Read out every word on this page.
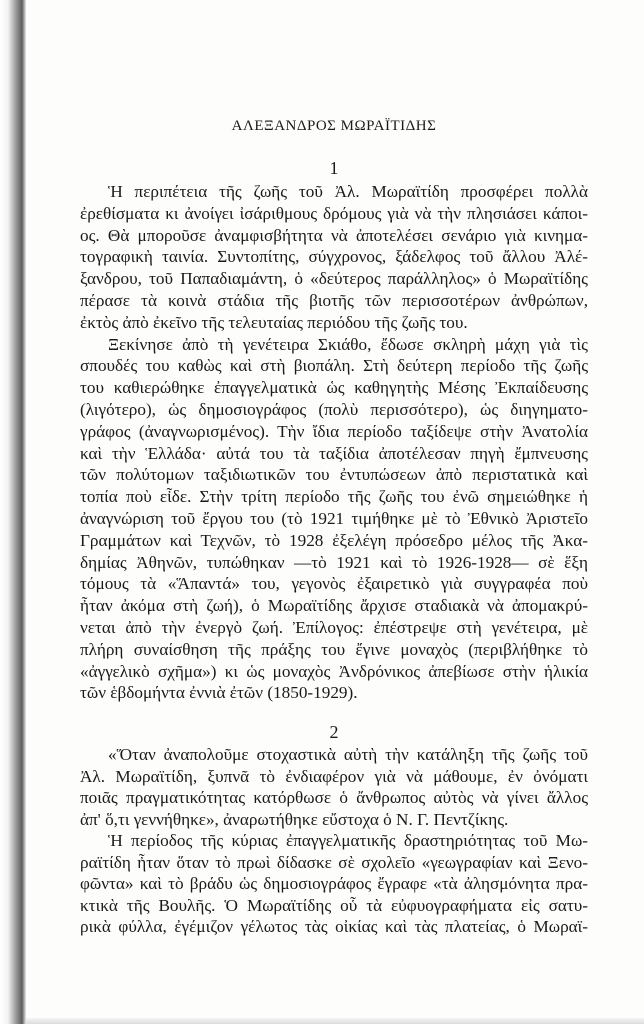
ΑΛΕΞΑΝΔΡΟΣ ΜΩΡΑΪΤΙΔΗΣ
1
Ἡ περιπέτεια τῆς ζωῆς τοῦ Ἀλ. Μωραϊτίδη προσφέρει πολλὰ
ἐρεθίσματα κι ἀνοίγει ἰσάριθμους δρόμους γιὰ νὰ τὴν πλησιάσει κάποι-
ος. Θὰ μποροῦσε ἀναμφισβήτητα νὰ ἀποτελέσει σενάριο γιὰ κινημα-
τογραφικὴ ταινία. Συντοπίτης, σύγχρονος, ξάδελφος τοῦ ἄλλου Ἀλέ-
ξανδρου, τοῦ Παπαδιαμάντη, ὁ «δεύτερος παράλληλος» ὁ Μωραϊτίδης
πέρασε τὰ κοινὰ στάδια τῆς βιοτῆς τῶν περισσοτέρων ἀνθρώπων,
ἐκτὸς ἀπὸ ἐκεῖνο τῆς τελευταίας περιόδου τῆς ζωῆς του.
Ξεκίνησε ἀπὸ τὴ γενέτειρα Σκιάθο, ἔδωσε σκληρὴ μάχη γιὰ τὶς
σπουδές του καθὼς καὶ στὴ βιοπάλη. Στὴ δεύτερη περίοδο τῆς ζωῆς
του καθιερώθηκε ἐπαγγελματικὰ ὡς καθηγητὴς Μέσης Ἐκπαίδευσης
(λιγότερο), ὡς δημοσιογράφος (πολὺ περισσότερο), ὡς διηγηματο-
γράφος (ἀναγνωρισμένος). Τὴν ἴδια περίοδο ταξίδεψε στὴν Ἀνατολία
καὶ τὴν Ἑλλάδα· αὐτά του τὰ ταξίδια ἀποτέλεσαν πηγὴ ἔμπνευσης
τῶν πολύτομων ταξιδιωτικῶν του ἐντυπώσεων ἀπὸ περιστατικὰ καὶ
τοπία ποὺ εἶδε. Στὴν τρίτη περίοδο τῆς ζωῆς του ἐνῶ σημειώθηκε ἡ
ἀναγνώριση τοῦ ἔργου του (τὸ 1921 τιμήθηκε μὲ τὸ Ἐθνικὸ Ἀριστεῖο
Γραμμάτων καὶ Τεχνῶν, τὸ 1928 ἐξελέγη πρόσεδρο μέλος τῆς Ἀκα-
δημίας Ἀθηνῶν, τυπώθηκαν —τὸ 1921 καὶ τὸ 1926-1928— σὲ ἕξη
τόμους τὰ «Ἅπαντά» του, γεγονὸς ἐξαιρετικὸ γιὰ συγγραφέα ποὺ
ἦταν ἀκόμα στὴ ζωή), ὁ Μωραϊτίδης ἄρχισε σταδιακὰ νὰ ἀπομακρύ-
νεται ἀπὸ τὴν ἐνεργὸ ζωή. Ἐπίλογος: ἐπέστρεψε στὴ γενέτειρα, μὲ
πλήρη συναίσθηση τῆς πράξης του ἔγινε μοναχὸς (περιβλήθηκε τὸ
«ἀγγελικὸ σχῆμα») κι ὡς μοναχὸς Ἀνδρόνικος ἀπεβίωσε στὴν ἡλικία
τῶν ἑβδομήντα ἐννιὰ ἐτῶν (1850-1929).
2
«Ὅταν ἀναπολοῦμε στοχαστικὰ αὐτὴ τὴν κατάληξη τῆς ζωῆς τοῦ
Ἀλ. Μωραϊτίδη, ξυπνᾶ τὸ ἐνδιαφέρον γιὰ νὰ μάθουμε, ἐν ὀνόματι
ποιᾶς πραγματικότητας κατόρθωσε ὁ ἄνθρωπος αὐτὸς νὰ γίνει ἄλλος
ἀπ' ὅ,τι γεννήθηκε», ἀναρωτήθηκε εὔστοχα ὁ Ν. Γ. Πεντζίκης.
Ἡ περίοδος τῆς κύριας ἐπαγγελματικῆς δραστηριότητας τοῦ Μω-
ραϊτίδη ἦταν ὅταν τὸ πρωὶ δίδασκε σὲ σχολεῖο «γεωγραφίαν καὶ Ξενο-
φῶντα» καὶ τὸ βράδυ ὡς δημοσιογράφος ἔγραφε «τὰ ἀλησμόνητα πρα-
κτικὰ τῆς Βουλῆς. Ὁ Μωραϊτίδης οὗ τὰ εὐφυογραφήματα εἰς σατυ-
ρικὰ φύλλα, ἐγέμιζον γέλωτος τὰς οἰκίας καὶ τὰς πλατείας, ὁ Μωραϊ-
